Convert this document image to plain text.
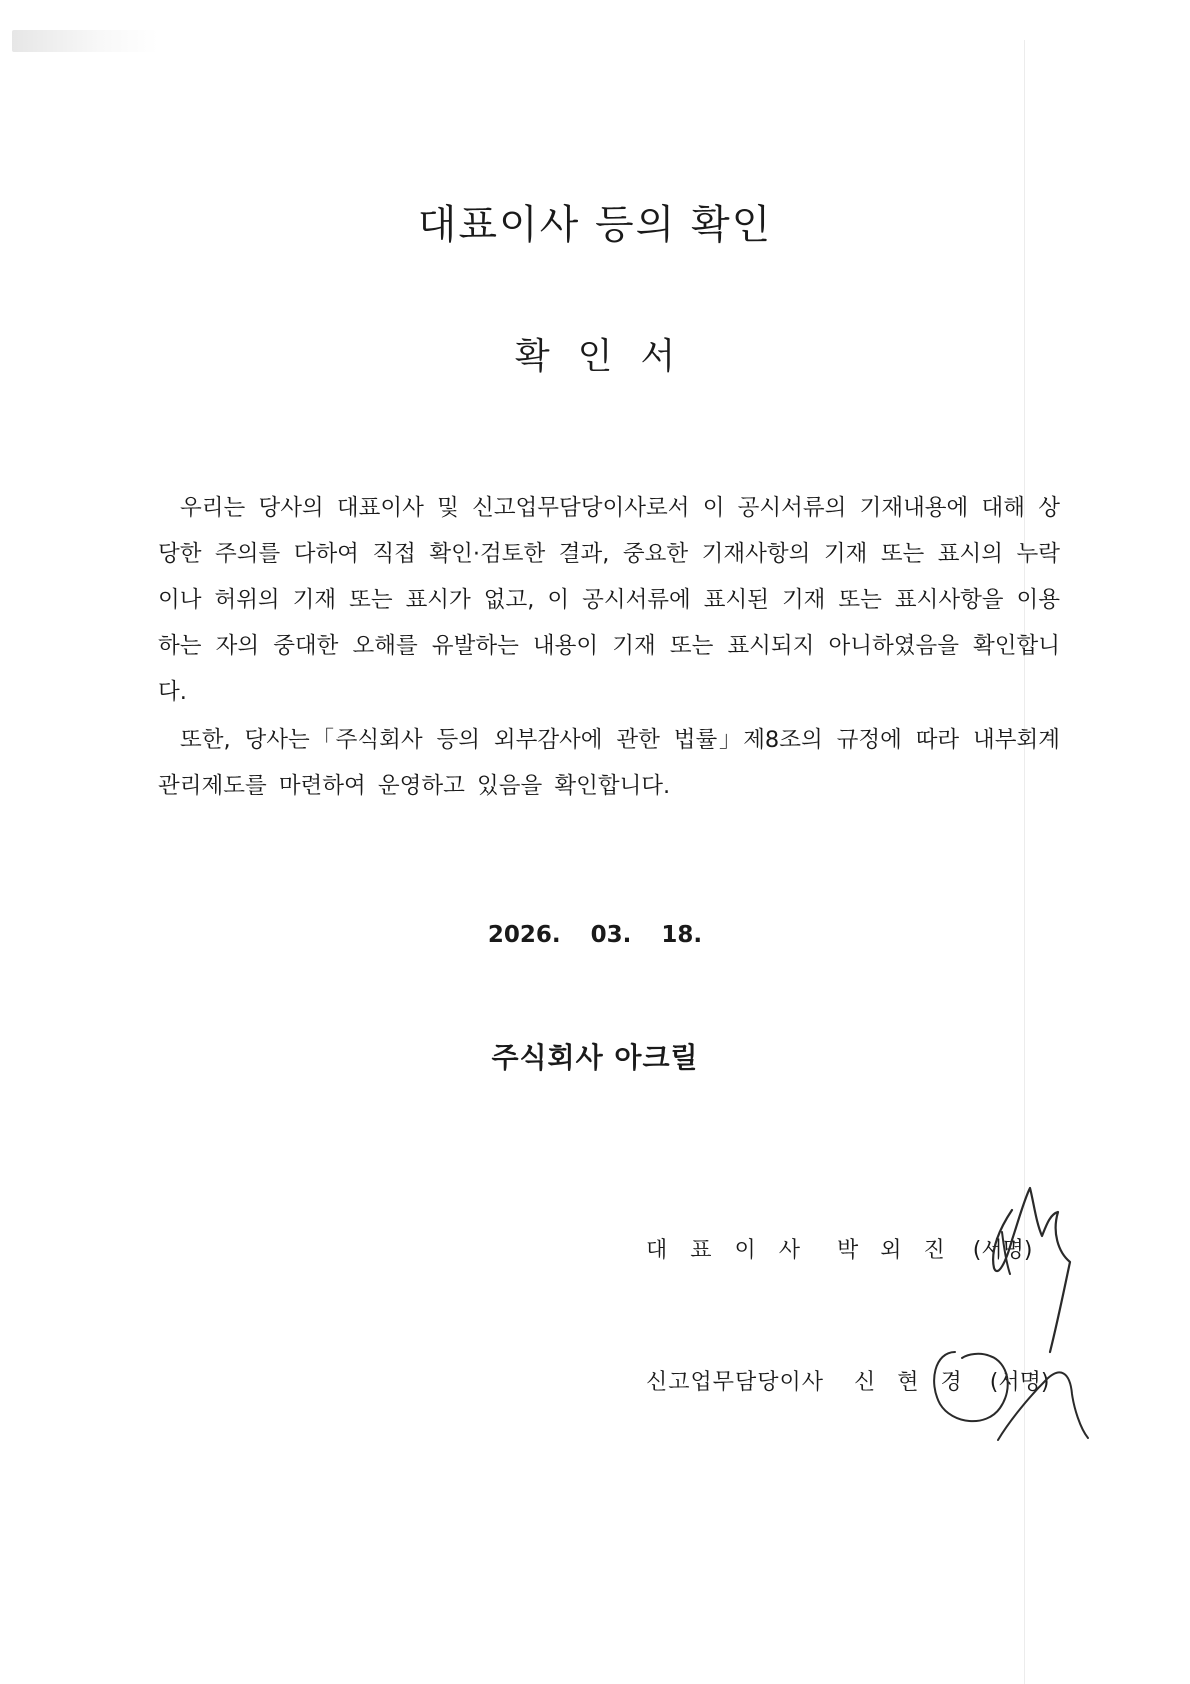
대표이사 등의 확인
확인서

우리는 당사의 대표이사 및 신고업무담당이사로서 이 공시서류의 기재내용에 대해 상당한 주의를 다하여 직접 확인·검토한 결과, 중요한 기재사항의 기재 또는 표시의 누락이나 허위의 기재 또는 표시가 없고, 이 공시서류에 표시된 기재 또는 표시사항을 이용하는 자의 중대한 오해를 유발하는 내용이 기재 또는 표시되지 아니하였음을 확인합니다.

또한, 당사는「주식회사 등의 외부감사에 관한 법률」제8조의 규정에 따라 내부회계관리제도를 마련하여 운영하고 있음을 확인합니다.

2026. 03. 18.
주식회사 아크릴
대표이사 박외진 (서명)
신고업무담당이사 신현경 (서명)
